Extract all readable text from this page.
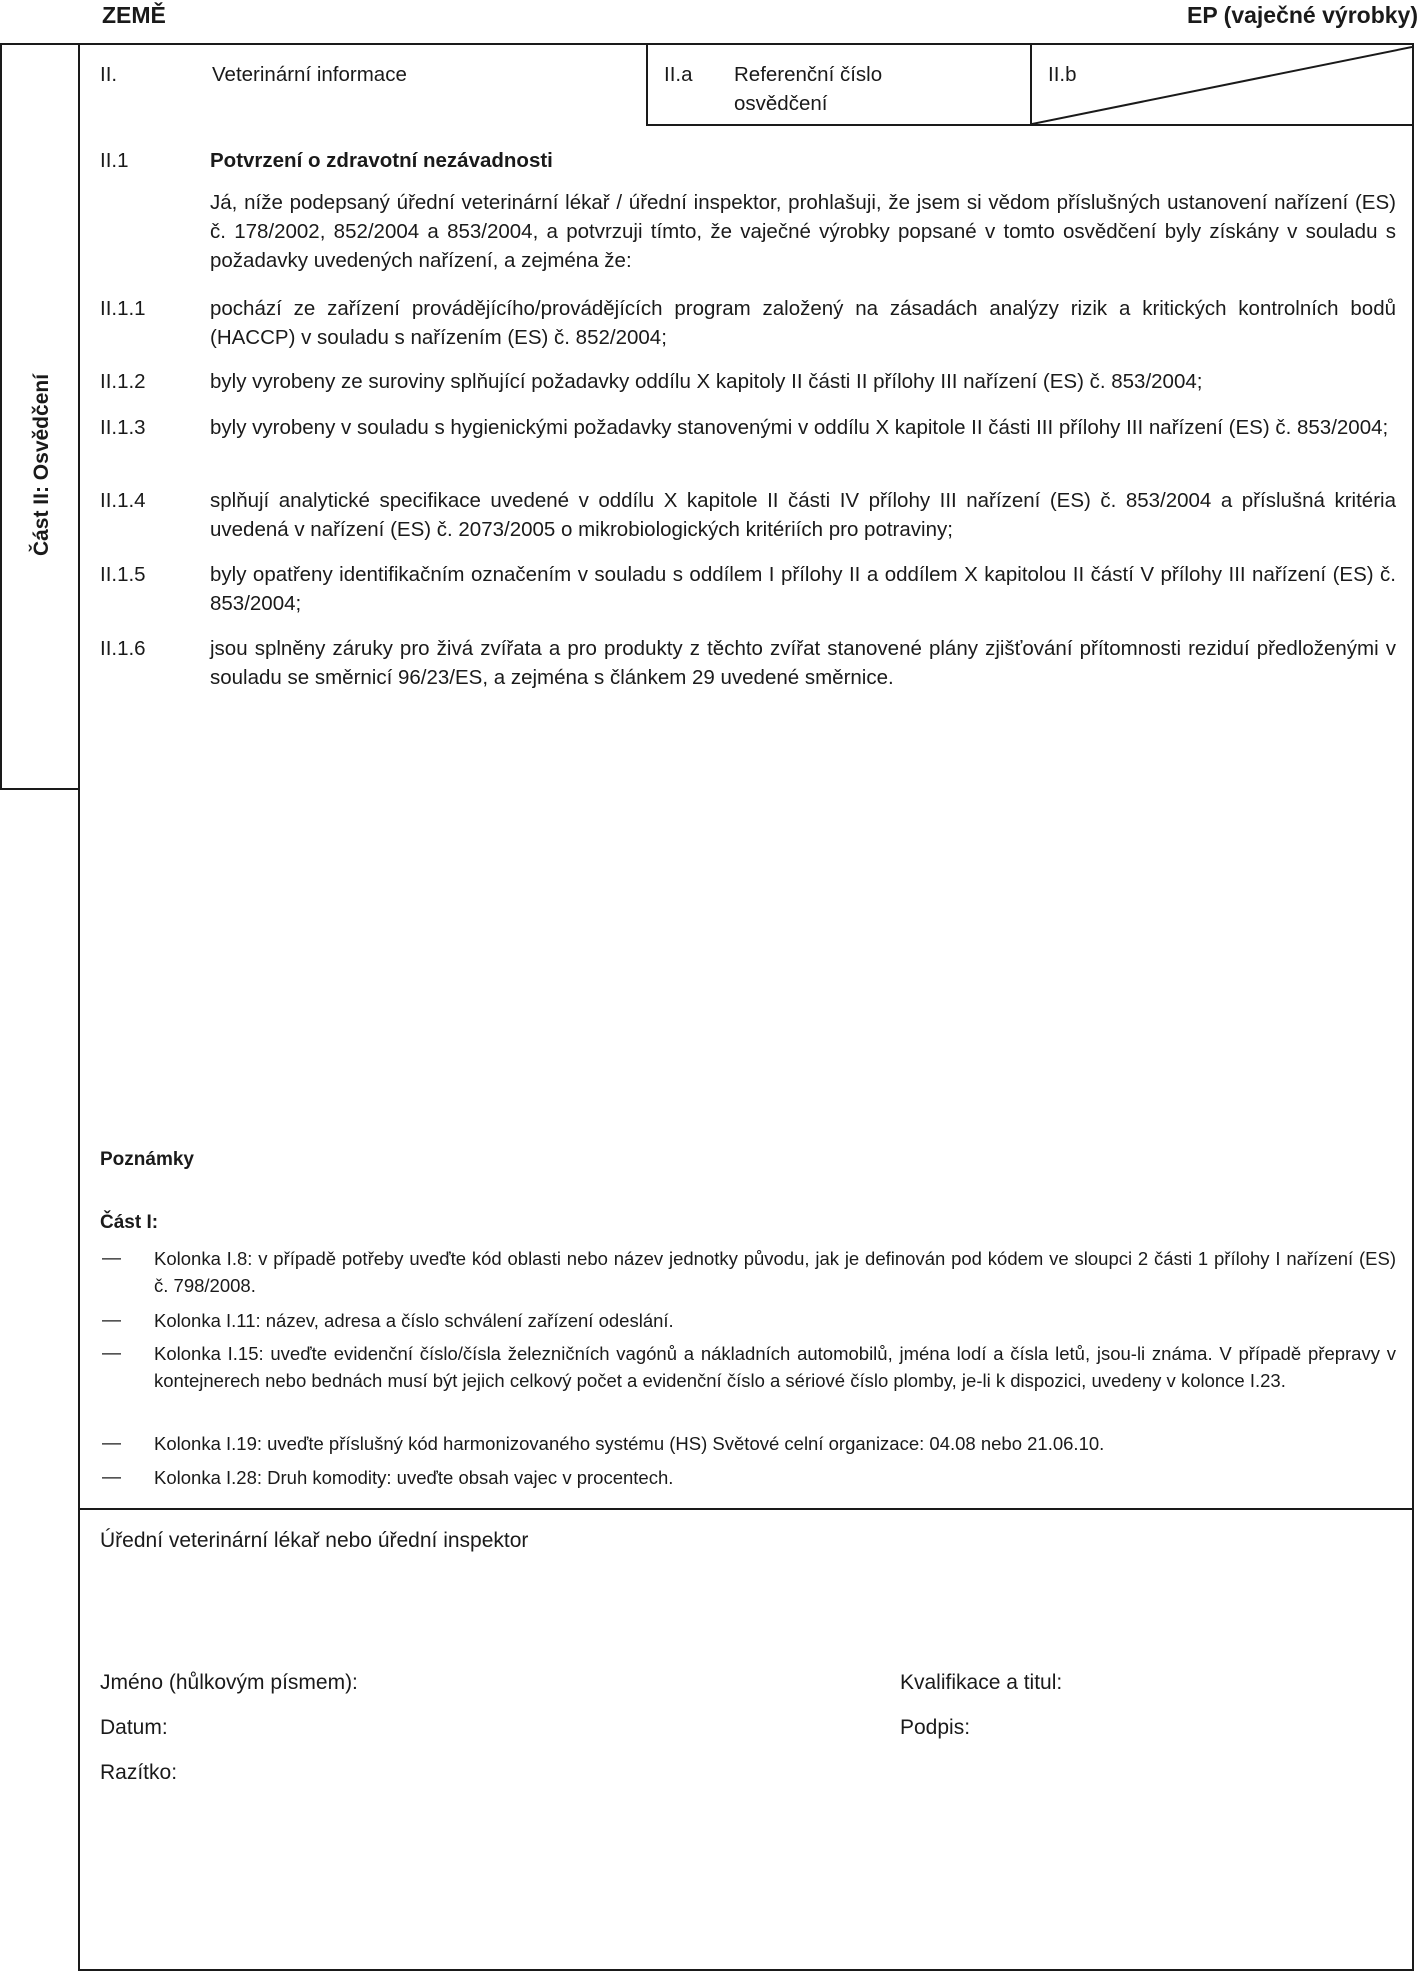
ZEMĚ	EP (vaječné výrobky)
Část II: Osvědčení
II.	Veterinární informace	II.a Referenční číslo osvědčení
II.b
II.1	Potvrzení o zdravotní nezávadnosti
Já, níže podepsaný úřední veterinární lékař / úřední inspektor, prohlašuji, že jsem si vědom příslušných ustanovení nařízení (ES) č. 178/2002, 852/2004 a 853/2004, a potvrzuji tímto, že vaječné výrobky popsané v tomto osvědčení byly získány v souladu s požadavky uvedených nařízení, a zejména že:
II.1.1	pochází ze zařízení provádějícího/provádějících program založený na zásadách analýzy rizik a kritických kontrolních bodů (HACCP) v souladu s nařízením (ES) č. 852/2004;
II.1.2	byly vyrobeny ze suroviny splňující požadavky oddílu X kapitoly II části II přílohy III nařízení (ES) č. 853/2004;
II.1.3	byly vyrobeny v souladu s hygienickými požadavky stanovenými v oddílu X kapitole II části III přílohy III nařízení (ES) č. 853/2004;
II.1.4	splňují analytické specifikace uvedené v oddílu X kapitole II části IV přílohy III nařízení (ES) č. 853/2004 a příslušná kritéria uvedená v nařízení (ES) č. 2073/2005 o mikrobiologických kritériích pro potraviny;
II.1.5	byly opatřeny identifikačním označením v souladu s oddílem I přílohy II a oddílem X kapitolou II částí V přílohy III nařízení (ES) č. 853/2004;
II.1.6	jsou splněny záruky pro živá zvířata a pro produkty z těchto zvířat stanovené plány zjišťování přítomnosti reziduí předloženými v souladu se směrnicí 96/23/ES, a zejména s článkem 29 uvedené směrnice.
Poznámky
Část I:
— Kolonka I.8: v případě potřeby uveďte kód oblasti nebo název jednotky původu, jak je definován pod kódem ve sloupci 2 části 1 přílohy I nařízení (ES) č. 798/2008.
— Kolonka I.11: název, adresa a číslo schválení zařízení odeslání.
— Kolonka I.15: uveďte evidenční číslo/čísla železničních vagónů a nákladních automobilů, jména lodí a čísla letů, jsou-li známa. V případě přepravy v kontejnerech nebo bednách musí být jejich celkový počet a evidenční číslo a sériové číslo plomby, je-li k dispozici, uvedeny v kolonce I.23.
— Kolonka I.19: uveďte příslušný kód harmonizovaného systému (HS) Světové celní organizace: 04.08 nebo 21.06.10.
— Kolonka I.28: Druh komodity: uveďte obsah vajec v procentech.
Úřední veterinární lékař nebo úřední inspektor
Jméno (hůlkovým písmem):	Kvalifikace a titul:
Datum:	Podpis:
Razítko:
